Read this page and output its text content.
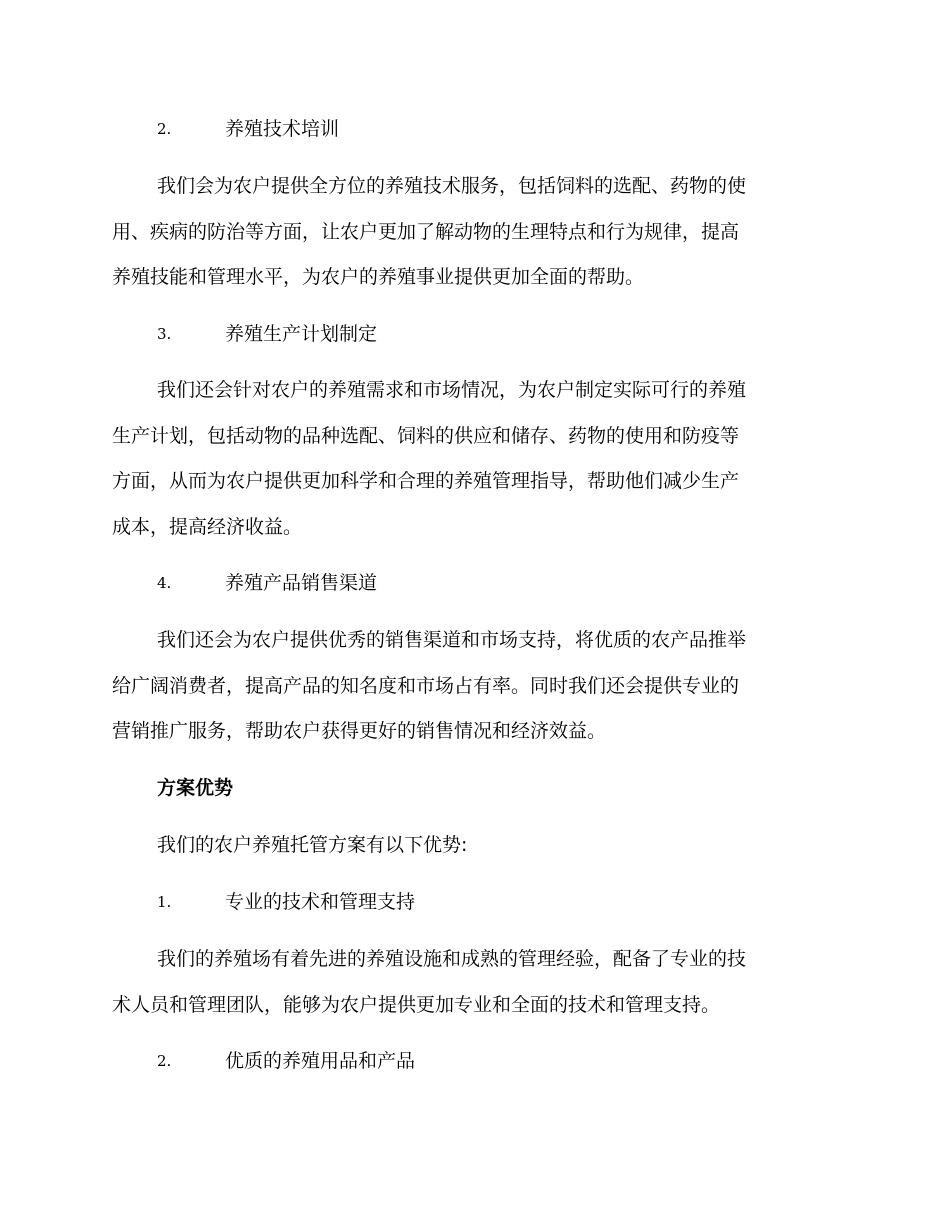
2.	养殖技术培训
我们会为农户提供全方位的养殖技术服务，包括饲料的选配、药物的使
用、疾病的防治等方面，让农户更加了解动物的生理特点和行为规律，提高
养殖技能和管理水平，为农户的养殖事业提供更加全面的帮助。
3.	养殖生产计划制定
我们还会针对农户的养殖需求和市场情况，为农户制定实际可行的养殖
生产计划，包括动物的品种选配、饲料的供应和储存、药物的使用和防疫等
方面，从而为农户提供更加科学和合理的养殖管理指导，帮助他们减少生产
成本，提高经济收益。
4.	养殖产品销售渠道
我们还会为农户提供优秀的销售渠道和市场支持，将优质的农产品推举
给广阔消费者，提高产品的知名度和市场占有率。同时我们还会提供专业的
营销推广服务，帮助农户获得更好的销售情况和经济效益。
方案优势
我们的农户养殖托管方案有以下优势:
1.	专业的技术和管理支持
我们的养殖场有着先进的养殖设施和成熟的管理经验，配备了专业的技
术人员和管理团队，能够为农户提供更加专业和全面的技术和管理支持。
2.	优质的养殖用品和产品
